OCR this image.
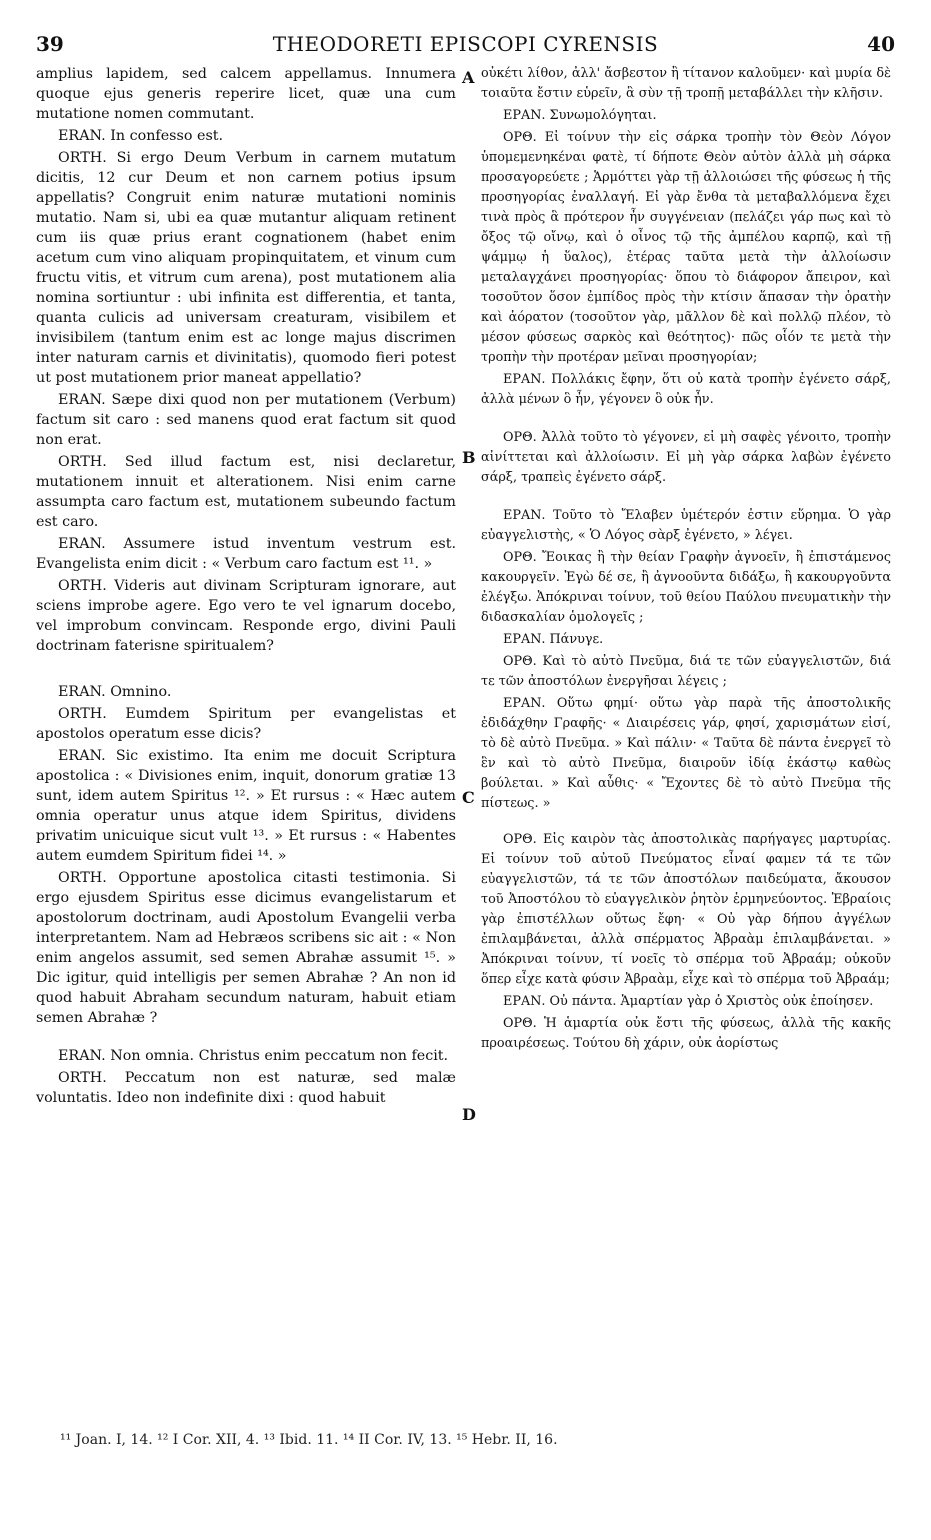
39	THEODORETI EPISCOPI CYRENSIS	40

amplius lapidem, sed calcem appellamus. Innumera quoque ejus generis reperire licet, quæ una cum mutatione nomen commutant.

ERAN. In confesso est.

ORTH. Si ergo Deum Verbum in carnem mutatum dicitis, 12 cur Deum et non carnem potius ipsum appellatis? Congruit enim naturæ mutationi nominis mutatio. Nam si, ubi ea quæ mutantur aliquam retinent cum iis quæ prius erant cognationem (habet enim acetum cum vino aliquam propinquitatem, et vinum cum fructu vitis, et vitrum cum arena), post mutationem alia nomina sortiuntur : ubi infinita est differentia, et tanta, quanta culicis ad universam creaturam, visibilem et invisibilem (tantum enim est ac longe majus discrimen inter naturam carnis et divinitatis), quomodo fieri potest ut post mutationem prior maneat appellatio?

ERAN. Sæpe dixi quod non per mutationem (Verbum) factum sit caro : sed manens quod erat factum sit quod non erat.

ORTH. Sed illud factum est, nisi declaretur, mutationem innuit et alterationem. Nisi enim carne assumpta caro factum est, mutationem subeundo factum est caro.

ERAN. Assumere istud inventum vestrum est. Evangelista enim dicit : « Verbum caro factum est ¹¹. »

ORTH. Videris aut divinam Scripturam ignorare, aut sciens improbe agere. Ego vero te vel ignarum docebo, vel improbum convincam. Responde ergo, divini Pauli doctrinam faterisne spiritualem?

ERAN. Omnino.

ORTH. Eumdem Spiritum per evangelistas et apostolos operatum esse dicis?

ERAN. Sic existimo. Ita enim me docuit Scriptura apostolica : « Divisiones enim, inquit, donorum gratiæ 13 sunt, idem autem Spiritus ¹². » Et rursus : « Hæc autem omnia operatur unus atque idem Spiritus, dividens privatim unicuique sicut vult ¹³. » Et rursus : « Habentes autem eumdem Spiritum fidei ¹⁴. »

ORTH. Opportune apostolica citasti testimonia. Si ergo ejusdem Spiritus esse dicimus evangelistarum et apostolorum doctrinam, audi Apostolum Evangelii verba interpretantem. Nam ad Hebræos scribens sic ait : « Non enim angelos assumit, sed semen Abrahæ assumit ¹⁵. » Dic igitur, quid intelligis per semen Abrahæ ? An non id quod habuit Abraham secundum naturam, habuit etiam semen Abrahæ ?

ERAN. Non omnia. Christus enim peccatum non fecit.

ORTH. Peccatum non est naturæ, sed malæ voluntatis. Ideo non indefinite dixi : quod habuit

A
B
C
D

οὐκέτι λίθον, ἀλλ' ἄσβεστον ἢ τίτανον καλοῦμεν· καὶ μυρία δὲ τοιαῦτα ἔστιν εὑρεῖν, ἃ σὺν τῇ τροπῇ μεταβάλλει τὴν κλῆσιν.

ΕΡΑΝ. Συνωμολόγηται.

ΟΡΘ. Εἰ τοίνυν τὴν εἰς σάρκα τροπὴν τὸν Θεὸν Λόγον ὑπομεμενηκέναι φατὲ, τί δήποτε Θεὸν αὐτὸν ἀλλὰ μὴ σάρκα προσαγορεύετε ; Ἁρμόττει γὰρ τῇ ἀλλοιώσει τῆς φύσεως ἡ τῆς προσηγορίας ἐναλλαγή. Εἰ γὰρ ἔνθα τὰ μεταβαλλόμενα ἔχει τινὰ πρὸς ἃ πρότερον ἦν συγγένειαν (πελάζει γάρ πως καὶ τὸ ὄξος τῷ οἴνῳ, καὶ ὁ οἶνος τῷ τῆς ἀμπέλου καρπῷ, καὶ τῇ ψάμμῳ ἡ ὕαλος), ἑτέρας ταῦτα μετὰ τὴν ἀλλοίωσιν μεταλαγχάνει προσηγορίας· ὅπου τὸ διάφορον ἄπειρον, καὶ τοσοῦτον ὅσον ἐμπίδος πρὸς τὴν κτίσιν ἅπασαν τὴν ὁρατὴν καὶ ἀόρατον (τοσοῦτον γὰρ, μᾶλλον δὲ καὶ πολλῷ πλέον, τὸ μέσον φύσεως σαρκὸς καὶ θεότητος)· πῶς οἷόν τε μετὰ τὴν τροπὴν τὴν προτέραν μεῖναι προσηγορίαν;

ΕΡΑΝ. Πολλάκις ἔφην, ὅτι οὐ κατὰ τροπὴν ἐγένετο σάρξ, ἀλλὰ μένων ὃ ἦν, γέγονεν ὃ οὐκ ἦν.

ΟΡΘ. Ἀλλὰ τοῦτο τὸ γέγονεν, εἰ μὴ σαφὲς γένοιτο, τροπὴν αἰνίττεται καὶ ἀλλοίωσιν. Εἰ μὴ γὰρ σάρκα λαβὼν ἐγένετο σάρξ, τραπεὶς ἐγένετο σάρξ.

ΕΡΑΝ. Τοῦτο τὸ Ἔλαβεν ὑμέτερόν ἐστιν εὕρημα. Ὁ γὰρ εὐαγγελιστὴς, « Ὁ Λόγος σὰρξ ἐγένετο, » λέγει.

ΟΡΘ. Ἔοικας ἢ τὴν θείαν Γραφὴν ἀγνοεῖν, ἢ ἐπιστάμενος κακουργεῖν. Ἐγὼ δέ σε, ἢ ἀγνοοῦντα διδάξω, ἢ κακουργοῦντα ἐλέγξω. Ἀπόκριναι τοίνυν, τοῦ θείου Παύλου πνευματικὴν τὴν διδασκαλίαν ὁμολογεῖς ;

ΕΡΑΝ. Πάνυγε.

ΟΡΘ. Καὶ τὸ αὐτὸ Πνεῦμα, διά τε τῶν εὐαγγελιστῶν, διά τε τῶν ἀποστόλων ἐνεργῆσαι λέγεις ;

ΕΡΑΝ. Οὕτω φημί· οὕτω γὰρ παρὰ τῆς ἀποστολικῆς ἐδιδάχθην Γραφῆς· « Διαιρέσεις γάρ, φησί, χαρισμάτων εἰσί, τὸ δὲ αὐτὸ Πνεῦμα. » Καὶ πάλιν· « Ταῦτα δὲ πάντα ἐνεργεῖ τὸ ἓν καὶ τὸ αὐτὸ Πνεῦμα, διαιροῦν ἰδίᾳ ἑκάστῳ καθὼς βούλεται. » Καὶ αὖθις· « Ἔχοντες δὲ τὸ αὐτὸ Πνεῦμα τῆς πίστεως. »

ΟΡΘ. Εἰς καιρὸν τὰς ἀποστολικὰς παρήγαγες μαρτυρίας. Εἰ τοίνυν τοῦ αὐτοῦ Πνεύματος εἶναί φαμεν τά τε τῶν εὐαγγελιστῶν, τά τε τῶν ἀποστόλων παιδεύματα, ἄκουσον τοῦ Ἀποστόλου τὸ εὐαγγελικὸν ῥητὸν ἑρμηνεύοντος. Ἑβραίοις γὰρ ἐπιστέλλων οὕτως ἔφη· « Οὐ γὰρ δήπου ἀγγέλων ἐπιλαμβάνεται, ἀλλὰ σπέρματος Ἀβραὰμ ἐπιλαμβάνεται. » Ἀπόκριναι τοίνυν, τί νοεῖς τὸ σπέρμα τοῦ Ἀβραάμ; οὐκοῦν ὅπερ εἶχε κατὰ φύσιν Ἀβραὰμ, εἶχε καὶ τὸ σπέρμα τοῦ Ἀβραάμ;

ΕΡΑΝ. Οὐ πάντα. Ἁμαρτίαν γὰρ ὁ Χριστὸς οὐκ ἐποίησεν.

ΟΡΘ. Ἡ ἁμαρτία οὐκ ἔστι τῆς φύσεως, ἀλλὰ τῆς κακῆς προαιρέσεως. Τούτου δὴ χάριν, οὐκ ἀορίστως

¹¹ Joan. I, 14. ¹² I Cor. XII, 4. ¹³ Ibid. 11. ¹⁴ II Cor. IV, 13. ¹⁵ Hebr. II, 16.
